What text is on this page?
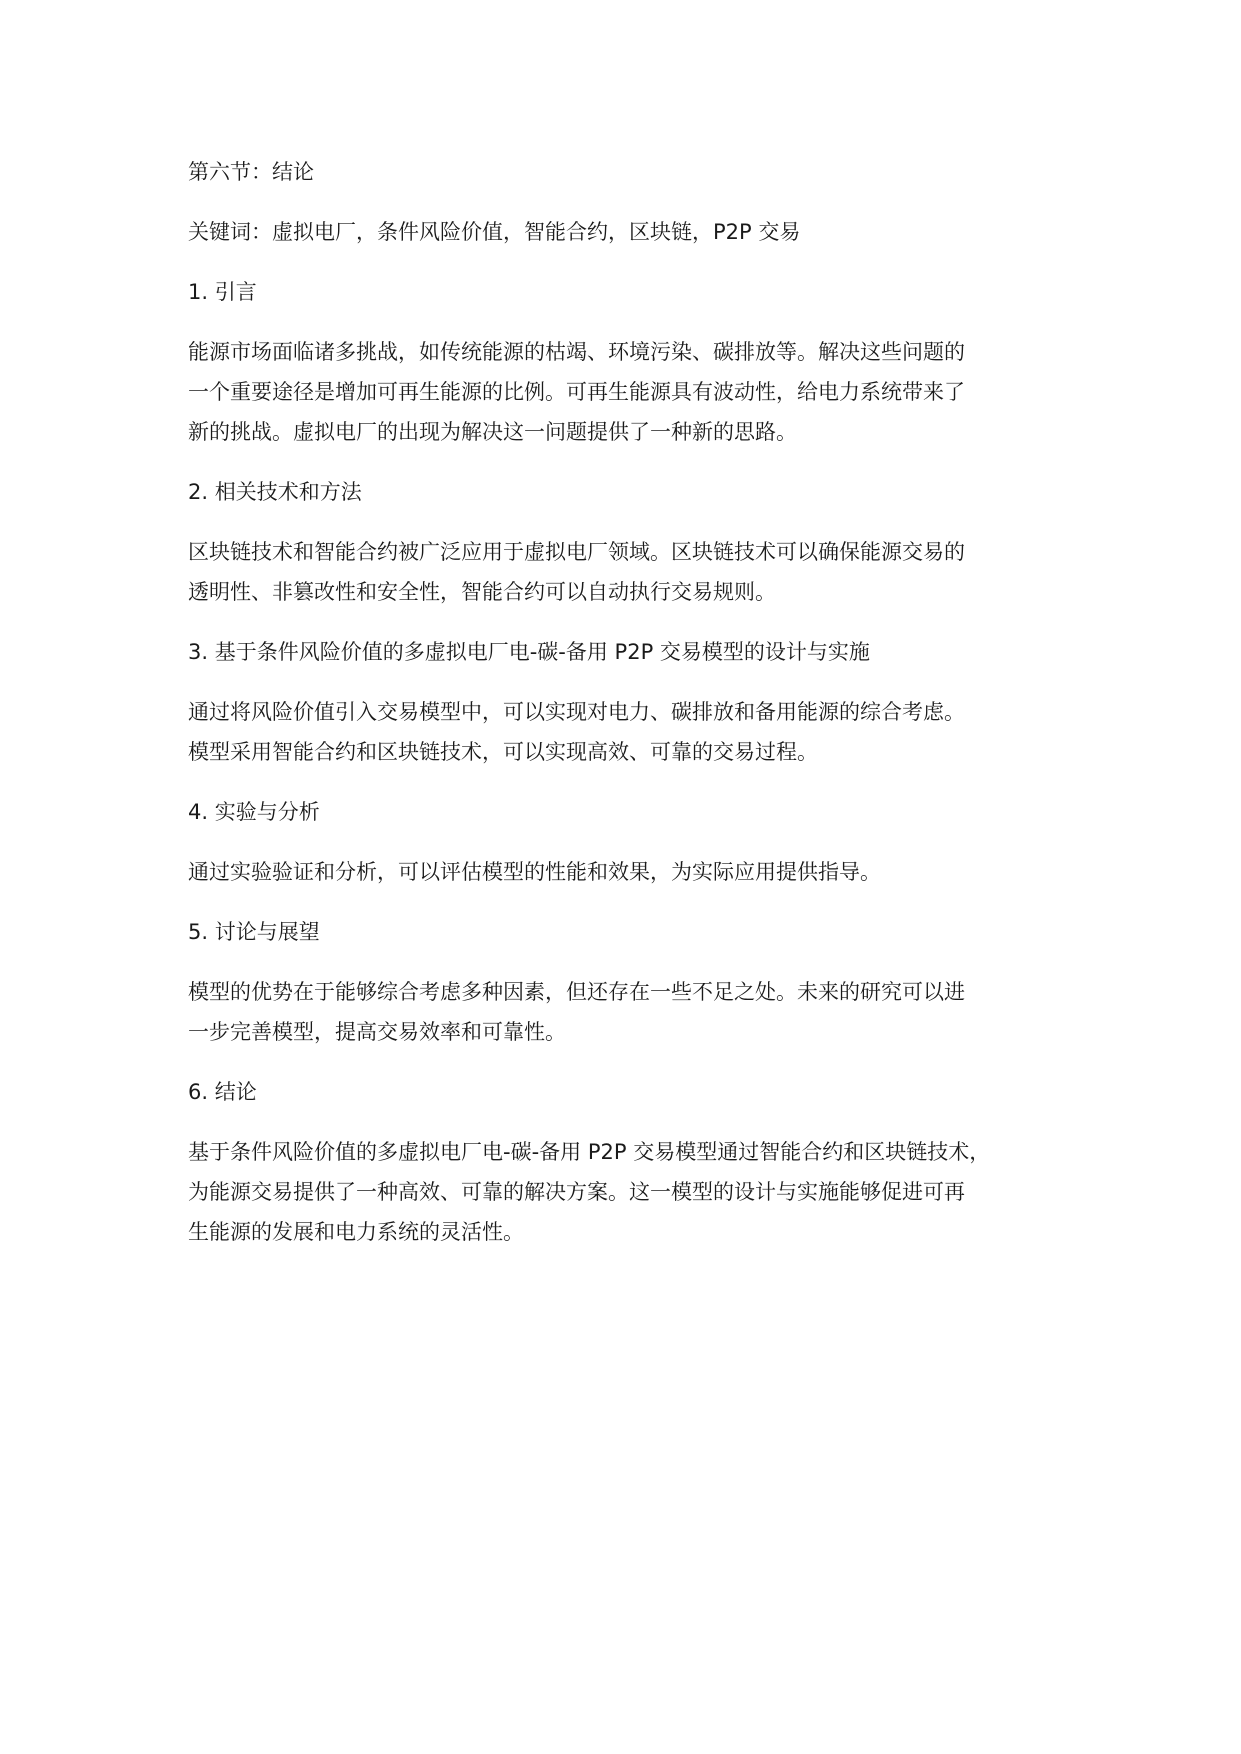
第六节：结论

关键词：虚拟电厂，条件风险价值，智能合约，区块链，P2P 交易

1. 引言

能源市场面临诸多挑战，如传统能源的枯竭、环境污染、碳排放等。解决这些问题的
一个重要途径是增加可再生能源的比例。可再生能源具有波动性，给电力系统带来了
新的挑战。虚拟电厂的出现为解决这一问题提供了一种新的思路。

2. 相关技术和方法

区块链技术和智能合约被广泛应用于虚拟电厂领域。区块链技术可以确保能源交易的
透明性、非篡改性和安全性，智能合约可以自动执行交易规则。

3. 基于条件风险价值的多虚拟电厂电-碳-备用 P2P 交易模型的设计与实施

通过将风险价值引入交易模型中，可以实现对电力、碳排放和备用能源的综合考虑。
模型采用智能合约和区块链技术，可以实现高效、可靠的交易过程。

4. 实验与分析

通过实验验证和分析，可以评估模型的性能和效果，为实际应用提供指导。

5. 讨论与展望

模型的优势在于能够综合考虑多种因素，但还存在一些不足之处。未来的研究可以进
一步完善模型，提高交易效率和可靠性。

6. 结论

基于条件风险价值的多虚拟电厂电-碳-备用 P2P 交易模型通过智能合约和区块链技术，
为能源交易提供了一种高效、可靠的解决方案。这一模型的设计与实施能够促进可再
生能源的发展和电力系统的灵活性。
